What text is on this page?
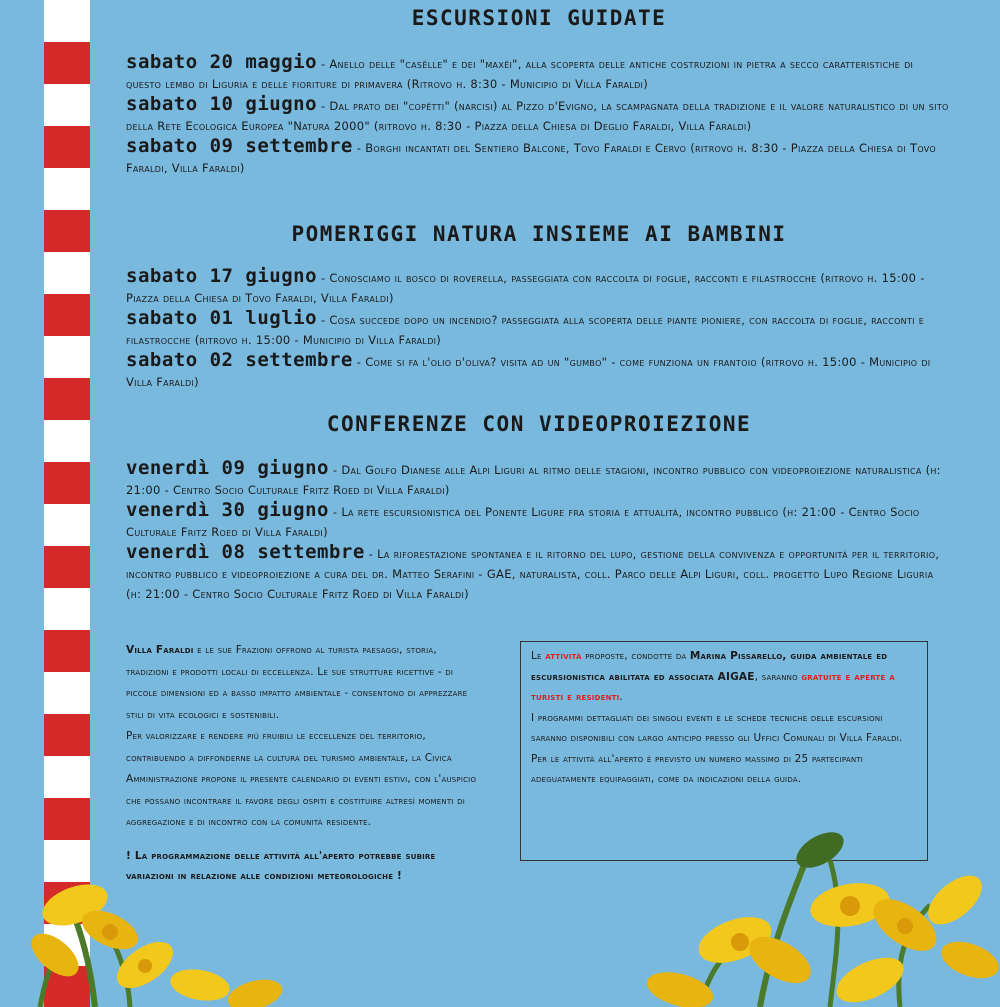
ESCURSIONI GUIDATE
sabato 20 maggio - Anello delle "casëlle" e dei "maxëi", alla scoperta delle antiche costruzioni in pietra a secco caratteristiche di questo lembo di Liguria e delle fioriture di primavera (Ritrovo h. 8:30 - Municipio di Villa Faraldi)
sabato 10 giugno - Dal prato dei "copëtti" (narcisi) al Pizzo d'Evigno, la scampagnata della tradizione e il valore naturalistico di un sito della Rete Ecologica Europea "Natura 2000" (ritrovo h. 8:30 - Piazza della Chiesa di Deglio Faraldi, Villa Faraldi)
sabato 09 settembre - Borghi incantati del Sentiero Balcone, Tovo Faraldi e Cervo (ritrovo h. 8:30 - Piazza della Chiesa di Tovo Faraldi, Villa Faraldi)
POMERIGGI NATURA INSIEME AI BAMBINI
sabato 17 giugno - Conosciamo il bosco di roverella, passeggiata con raccolta di foglie, racconti e filastrocche (ritrovo h. 15:00 - Piazza della Chiesa di Tovo Faraldi, Villa Faraldi)
sabato 01 luglio - Cosa succede dopo un incendio? passeggiata alla scoperta delle piante pioniere, con raccolta di foglie, racconti e filastrocche (ritrovo h. 15:00 - Municipio di Villa Faraldi)
sabato 02 settembre - Come si fa l'olio d'oliva? visita ad un "gumbo" - come funziona un frantoio (ritrovo h. 15:00 - Municipio di Villa Faraldi)
CONFERENZE CON VIDEOPROIEZIONE
venerdì 09 giugno - Dal Golfo Dianese alle Alpi Liguri al ritmo delle stagioni, incontro pubblico con videoproiezione naturalistica (h: 21:00 - Centro Socio Culturale Fritz Roed di Villa Faraldi)
venerdì 30 giugno - La rete escursionistica del Ponente Ligure fra storia e attualità, incontro pubblico (h: 21:00 - Centro Socio Culturale Fritz Roed di Villa Faraldi)
venerdì 08 settembre - La riforestazione spontanea e il ritorno del lupo, gestione della convivenza e opportunità per il territorio, incontro pubblico e videoproiezione a cura del dr. Matteo Serafini - GAE, naturalista, coll. Parco delle Alpi Liguri, coll. progetto Lupo Regione Liguria (h: 21:00 - Centro Socio Culturale Fritz Roed di Villa Faraldi)

Villa Faraldi e le sue Frazioni offrono al turista paesaggi, storia, tradizioni e prodotti locali di eccellenza. Le sue strutture ricettive - di piccole dimensioni ed a basso impatto ambientale - consentono di apprezzare stili di vita ecologici e sostenibili.

Per valorizzare e rendere più fruibili le eccellenze del territorio, contribuendo a diffonderne la cultura del turismo ambientale, la Civica Amministrazione propone il presente calendario di eventi estivi, con l'auspicio che possano incontrare il favore degli ospiti e costituire altresì momenti di aggregazione e di incontro con la comunità residente.

! La programmazione delle attività all'aperto potrebbe subire variazioni in relazione alle condizioni meteorologiche !

Le attività proposte, condotte da Marina Pissarello, guida ambientale ed escursionistica abilitata ed associata AIGAE, saranno gratuite e aperte a turisti e residenti.

I programmi dettagliati dei singoli eventi e le schede tecniche delle escursioni saranno disponibili con largo anticipo presso gli Uffici Comunali di Villa Faraldi.

Per le attività all'aperto è previsto un numero massimo di 25 partecipanti adeguatamente equipaggiati, come da indicazioni della guida.
